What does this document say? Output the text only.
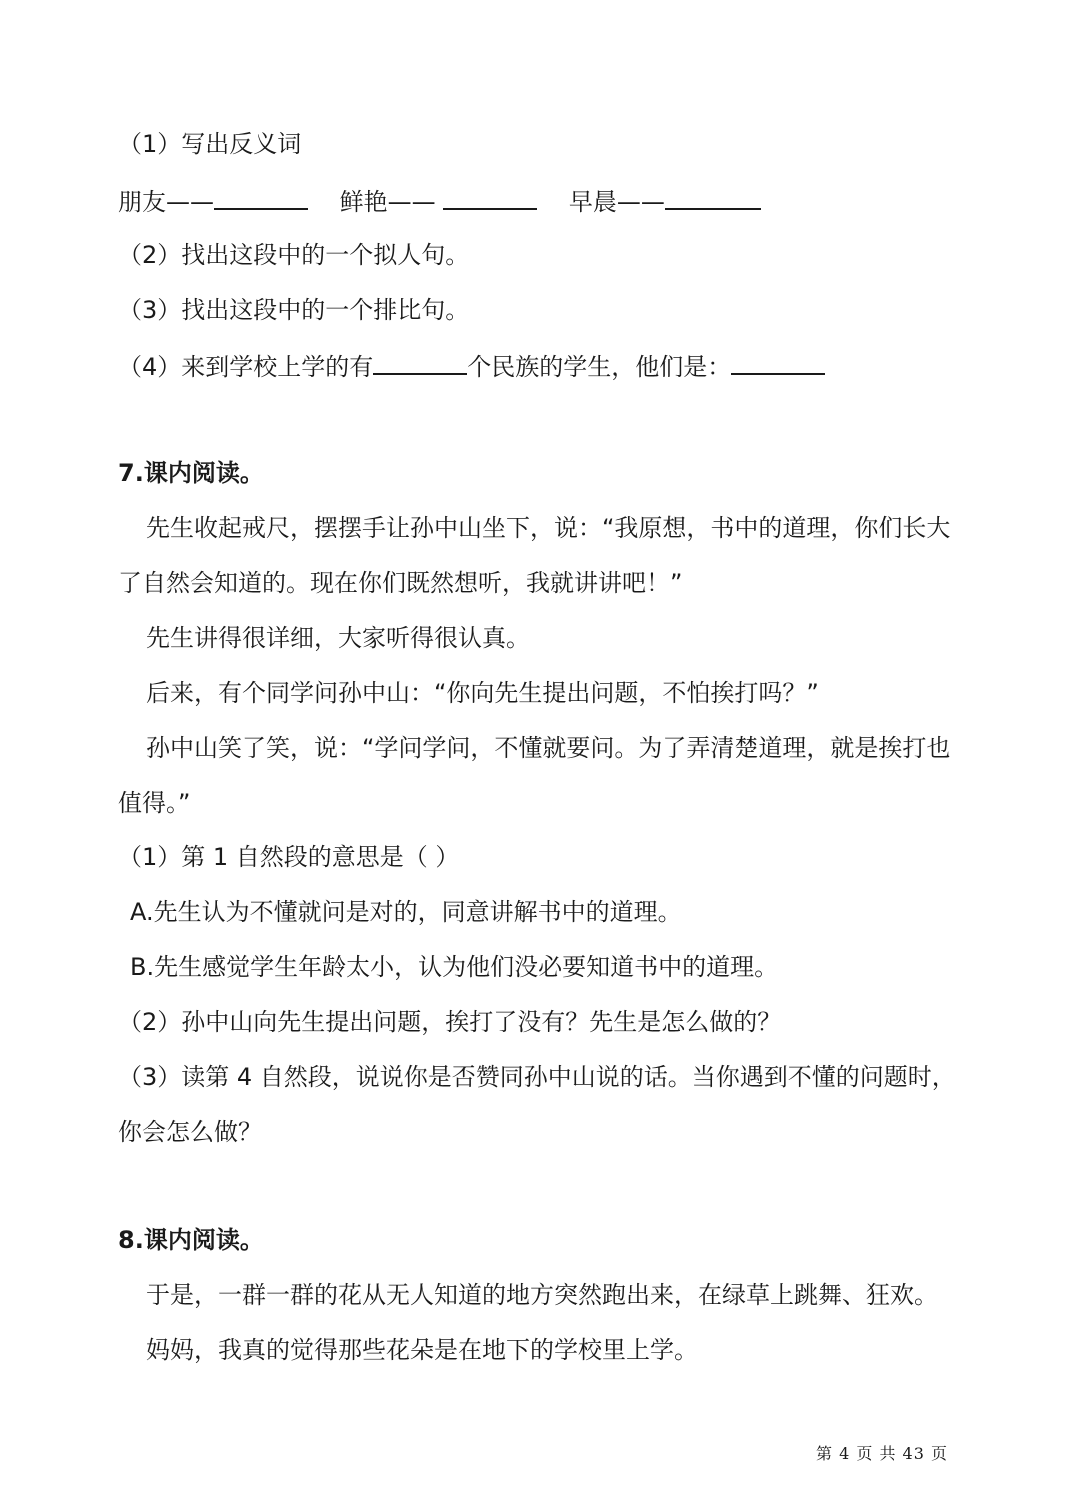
（1）写出反义词
朋友——	鲜艳——	早晨——
（2）找出这段中的一个拟人句。
（3）找出这段中的一个排比句。
（4）来到学校上学的有	个民族的学生，他们是：
7.课内阅读。
先生收起戒尺，摆摆手让孙中山坐下，说：“我原想，书中的道理，你们长大
了自然会知道的。现在你们既然想听，我就讲讲吧！”
先生讲得很详细，大家听得很认真。
后来，有个同学问孙中山：“你向先生提出问题，不怕挨打吗？”
孙中山笑了笑，说：“学问学问，不懂就要问。为了弄清楚道理，就是挨打也
值得。”
（1）第 1 自然段的意思是（ ）
A.先生认为不懂就问是对的，同意讲解书中的道理。
B.先生感觉学生年龄太小，认为他们没必要知道书中的道理。
（2）孙中山向先生提出问题，挨打了没有？先生是怎么做的？
（3）读第 4 自然段，说说你是否赞同孙中山说的话。当你遇到不懂的问题时，
你会怎么做？
8.课内阅读。
于是，一群一群的花从无人知道的地方突然跑出来，在绿草上跳舞、狂欢。
妈妈，我真的觉得那些花朵是在地下的学校里上学。
第 4 页 共 43 页
